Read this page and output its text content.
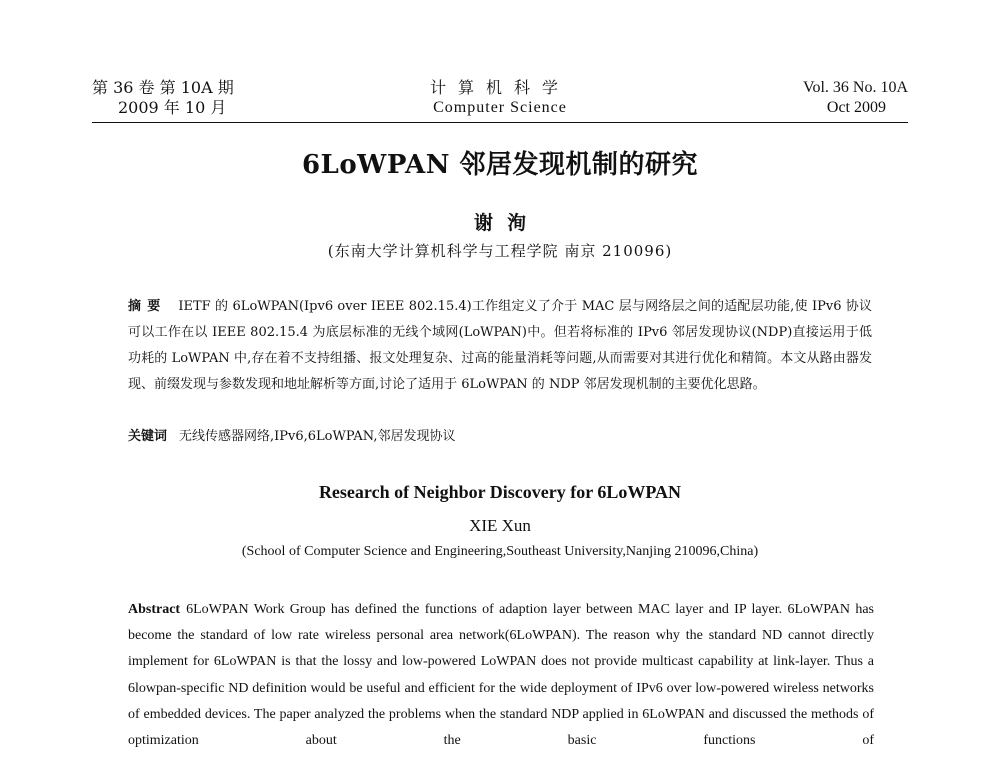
第 36 卷 第 10A 期
2009 年 10 月
计算机科学
Computer Science
Vol. 36 No. 10A
Oct 2009
6LoWPAN 邻居发现机制的研究
谢洵
(东南大学计算机科学与工程学院 南京 210096)
摘要 IETF 的 6LoWPAN(Ipv6 over IEEE 802.15.4)工作组定义了介于 MAC 层与网络层之间的适配层功能,使 IPv6 协议可以工作在以 IEEE 802.15.4 为底层标准的无线个域网(LoWPAN)中。但若将标准的 IPv6 邻居发现协议(NDP)直接运用于低功耗的 LoWPAN 中,存在着不支持组播、报文处理复杂、过高的能量消耗等问题,从而需要对其进行优化和精简。本文从路由器发现、前缀发现与参数发现和地址解析等方面,讨论了适用于 6LoWPAN 的 NDP 邻居发现机制的主要优化思路。
关键词 无线传感器网络,IPv6,6LoWPAN,邻居发现协议
Research of Neighbor Discovery for 6LoWPAN
XIE Xun
(School of Computer Science and Engineering,Southeast University,Nanjing 210096,China)
Abstract 6LoWPAN Work Group has defined the functions of adaption layer between MAC layer and IP layer. 6LoWPAN has become the standard of low rate wireless personal area network(6LoWPAN). The reason why the standard ND cannot directly implement for 6LoWPAN is that the lossy and low-powered LoWPAN does not provide multicast capability at link-layer. Thus a 6lowpan-specific ND definition would be useful and efficient for the wide deployment of IPv6 over low-powered wireless networks of embedded devices. The paper analyzed the problems when the standard NDP applied in 6LoWPAN and discussed the methods of optimization about the basic functions of
